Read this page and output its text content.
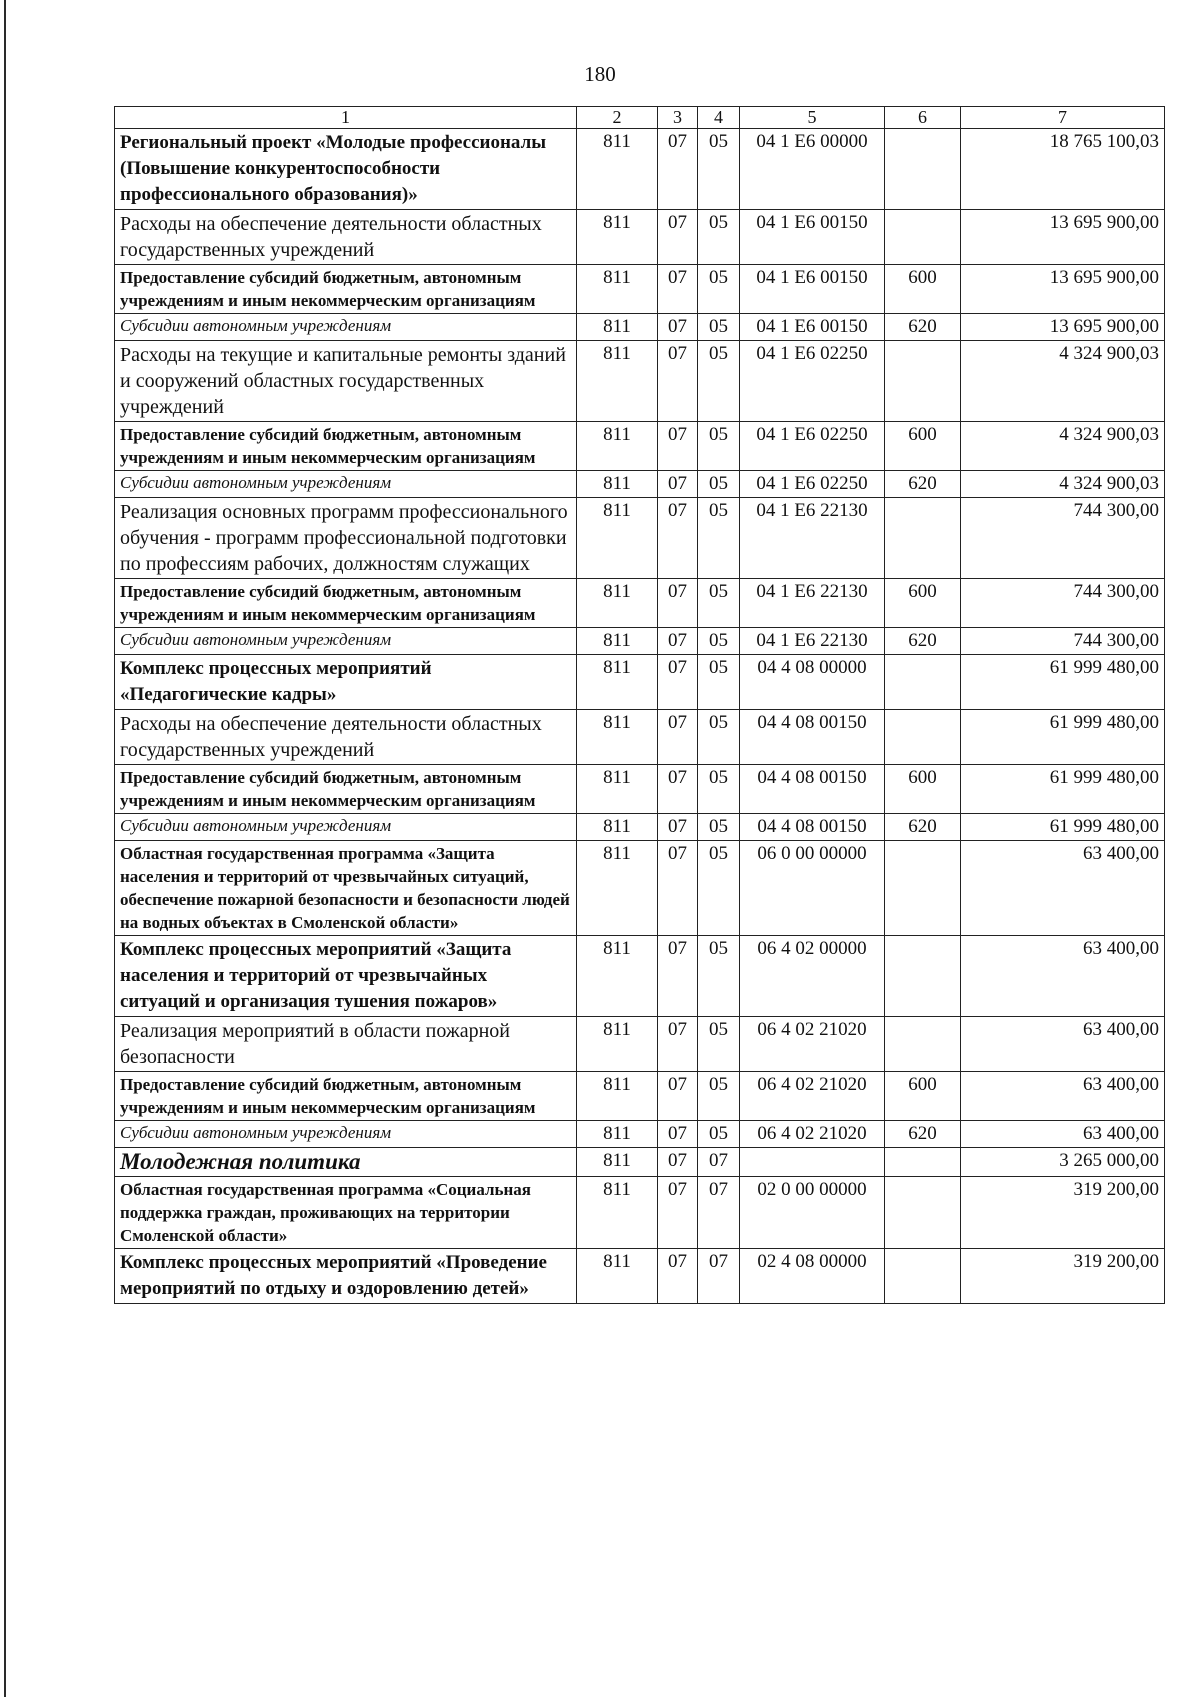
180
1	2	3	4	5	6	7
Региональный проект «Молодые профессионалы (Повышение конкурентоспособности профессионального образования)»	811	07	05	04 1 Е6 00000		18 765 100,03
Расходы на обеспечение деятельности областных государственных учреждений	811	07	05	04 1 Е6 00150		13 695 900,00
Предоставление субсидий бюджетным, автономным учреждениям и иным некоммерческим организациям	811	07	05	04 1 Е6 00150	600	13 695 900,00
Субсидии автономным учреждениям	811	07	05	04 1 Е6 00150	620	13 695 900,00
Расходы на текущие и капитальные ремонты зданий и сооружений областных государственных учреждений	811	07	05	04 1 Е6 02250		4 324 900,03
Предоставление субсидий бюджетным, автономным учреждениям и иным некоммерческим организациям	811	07	05	04 1 Е6 02250	600	4 324 900,03
Субсидии автономным учреждениям	811	07	05	04 1 Е6 02250	620	4 324 900,03
Реализация основных программ профессионального обучения - программ профессиональной подготовки по профессиям рабочих, должностям служащих	811	07	05	04 1 Е6 22130		744 300,00
Предоставление субсидий бюджетным, автономным учреждениям и иным некоммерческим организациям	811	07	05	04 1 Е6 22130	600	744 300,00
Субсидии автономным учреждениям	811	07	05	04 1 Е6 22130	620	744 300,00
Комплекс процессных мероприятий «Педагогические кадры»	811	07	05	04 4 08 00000		61 999 480,00
Расходы на обеспечение деятельности областных государственных учреждений	811	07	05	04 4 08 00150		61 999 480,00
Предоставление субсидий бюджетным, автономным учреждениям и иным некоммерческим организациям	811	07	05	04 4 08 00150	600	61 999 480,00
Субсидии автономным учреждениям	811	07	05	04 4 08 00150	620	61 999 480,00
Областная государственная программа «Защита населения и территорий от чрезвычайных ситуаций, обеспечение пожарной безопасности и безопасности людей на водных объектах в Смоленской области»	811	07	05	06 0 00 00000		63 400,00
Комплекс процессных мероприятий «Защита населения и территорий от чрезвычайных ситуаций и организация тушения пожаров»	811	07	05	06 4 02 00000		63 400,00
Реализация мероприятий в области пожарной безопасности	811	07	05	06 4 02 21020		63 400,00
Предоставление субсидий бюджетным, автономным учреждениям и иным некоммерческим организациям	811	07	05	06 4 02 21020	600	63 400,00
Субсидии автономным учреждениям	811	07	05	06 4 02 21020	620	63 400,00
Молодежная политика	811	07	07			3 265 000,00
Областная государственная программа «Социальная поддержка граждан, проживающих на территории Смоленской области»	811	07	07	02 0 00 00000		319 200,00
Комплекс процессных мероприятий «Проведение мероприятий по отдыху и оздоровлению детей»	811	07	07	02 4 08 00000		319 200,00
